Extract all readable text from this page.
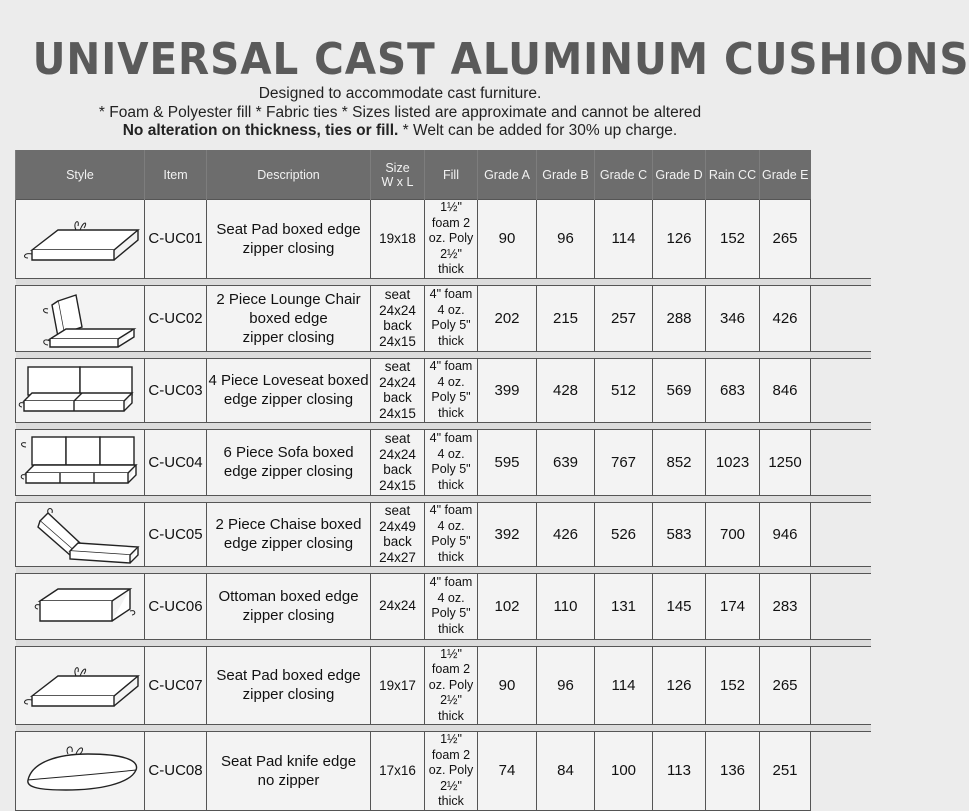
UNIVERSAL CAST ALUMINUM CUSHIONS
Designed to accommodate cast furniture.
* Foam & Polyester fill * Fabric ties * Sizes listed are approximate and cannot be altered
No alteration on thickness, ties or fill. * Welt can be added for 30% up charge.
Style	Item	Description	Size
W x L	Fill	Grade A	Grade B	Grade C	Grade D	Rain CC	Grade E

	C-UC01	Seat Pad boxed edge
zipper closing	19x18	1½"
foam 2
oz. Poly
2½"
thick	90	96	114	126	152	265

	C-UC02	2 Piece Lounge Chair
boxed edge
zipper closing	seat
24x24
back
24x15	4" foam
4 oz.
Poly 5"
thick	202	215	257	288	346	426

	C-UC03	4 Piece Loveseat boxed
edge zipper closing	seat
24x24
back
24x15	4" foam
4 oz.
Poly 5"
thick	399	428	512	569	683	846

	C-UC04	6 Piece Sofa boxed
edge zipper closing	seat
24x24
back
24x15	4" foam
4 oz.
Poly 5"
thick	595	639	767	852	1023	1250

	C-UC05	2 Piece Chaise boxed
edge zipper closing	seat
24x49
back
24x27	4" foam
4 oz.
Poly 5"
thick	392	426	526	583	700	946

	C-UC06	Ottoman boxed edge
zipper closing	24x24	4" foam
4 oz.
Poly 5"
thick	102	110	131	145	174	283

	C-UC07	Seat Pad boxed edge
zipper closing	19x17	1½"
foam 2
oz. Poly
2½"
thick	90	96	114	126	152	265

	C-UC08	Seat Pad knife edge
no zipper	17x16	1½"
foam 2
oz. Poly
2½"
thick	74	84	100	113	136	251
